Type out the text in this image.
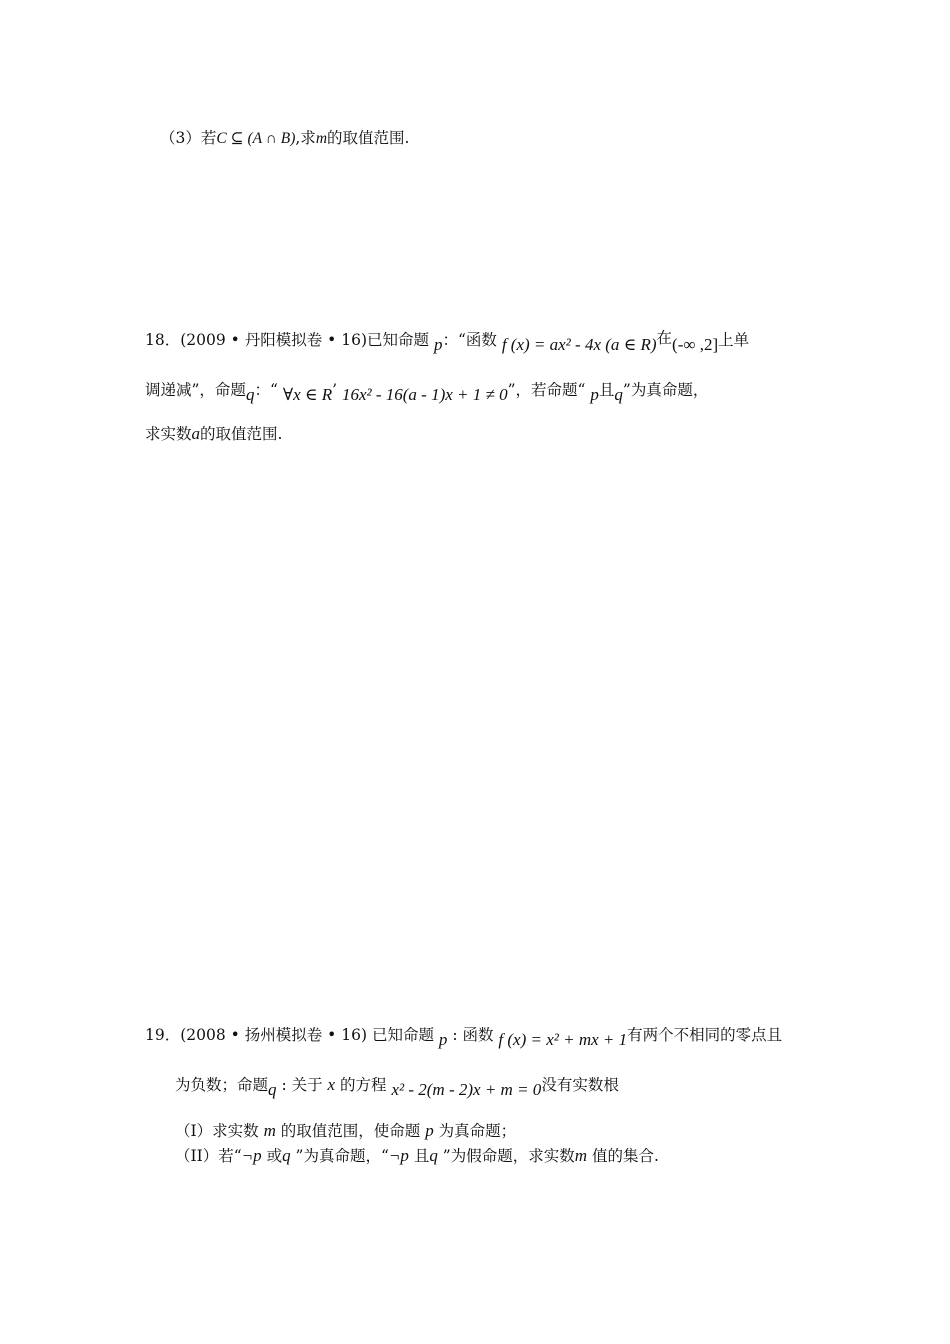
（3）若C ⊆ (A ∩ B),求m的取值范围.
18．(2009 • 丹阳模拟卷 • 16)已知命题 p：“函数 f (x) = ax² - 4x (a ∈ R)在(-∞ ,2]上单
调递减”，命题q：“ ∀x ∈ R’ 16x² - 16(a - 1)x + 1 ≠ 0”，若命题“ p且q”为真命题，
求实数a的取值范围.
19．(2008 • 扬州模拟卷 • 16) 已知命题 p : 函数 f (x) = x² + mx + 1有两个不相同的零点且
为负数；命题q : 关于 x 的方程 x² - 2(m - 2)x + m = 0没有实数根
（I）求实数 m 的取值范围，使命题 p 为真命题；
（II）若“¬p 或q ”为真命题，“¬p 且q ”为假命题，求实数m 值的集合.
